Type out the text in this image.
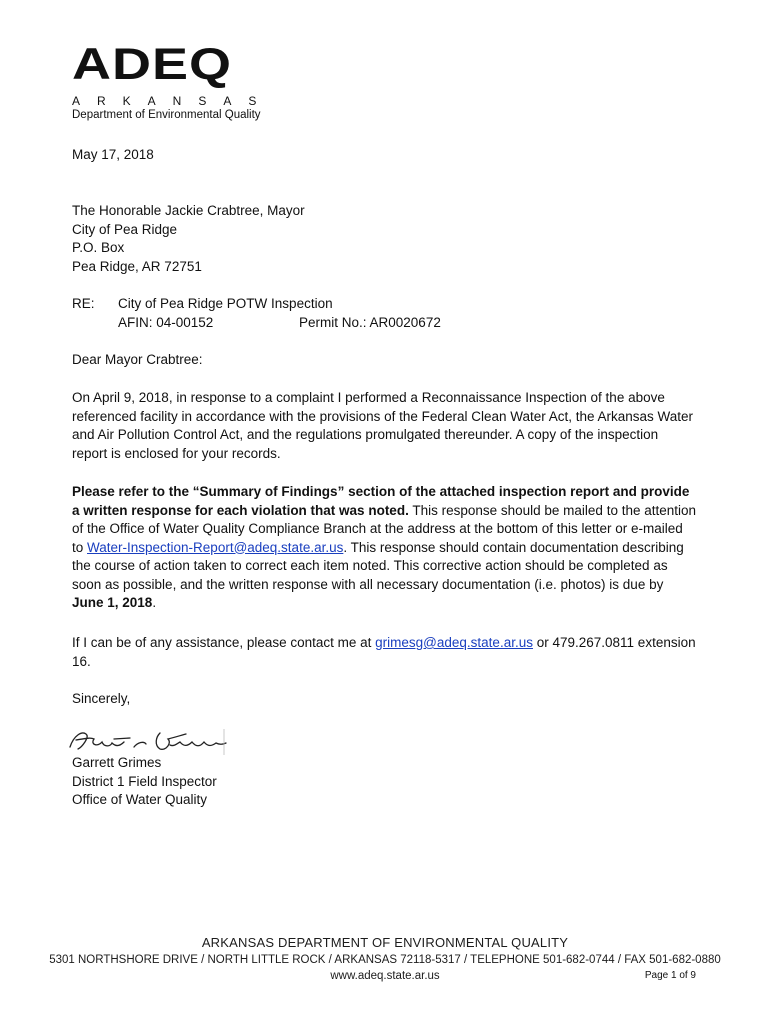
ADEQ
ARKANSAS
Department of Environmental Quality

May 17, 2018

The Honorable Jackie Crabtree, Mayor
City of Pea Ridge
P.O. Box
Pea Ridge, AR 72751
RE: City of Pea Ridge POTW Inspection
AFIN: 04-00152	Permit No.: AR0020672

Dear Mayor Crabtree:

On April 9, 2018, in response to a complaint I performed a Reconnaissance Inspection of the above referenced facility in accordance with the provisions of the Federal Clean Water Act, the Arkansas Water and Air Pollution Control Act, and the regulations promulgated thereunder. A copy of the inspection report is enclosed for your records.

Please refer to the “Summary of Findings” section of the attached inspection report and provide a written response for each violation that was noted. This response should be mailed to the attention of the Office of Water Quality Compliance Branch at the address at the bottom of this letter or e-mailed to Water-Inspection-Report@adeq.state.ar.us. This response should contain documentation describing the course of action taken to correct each item noted. This corrective action should be completed as soon as possible, and the written response with all necessary documentation (i.e. photos) is due by June 1, 2018.

If I can be of any assistance, please contact me at grimesg@adeq.state.ar.us or 479.267.0811 extension 16.

Sincerely,

Garrett Grimes
District 1 Field Inspector
Office of Water Quality
ARKANSAS DEPARTMENT OF ENVIRONMENTAL QUALITY
5301 NORTHSHORE DRIVE / NORTH LITTLE ROCK / ARKANSAS 72118-5317 / TELEPHONE 501-682-0744 / FAX 501-682-0880
www.adeq.state.ar.us	Page 1 of 9
